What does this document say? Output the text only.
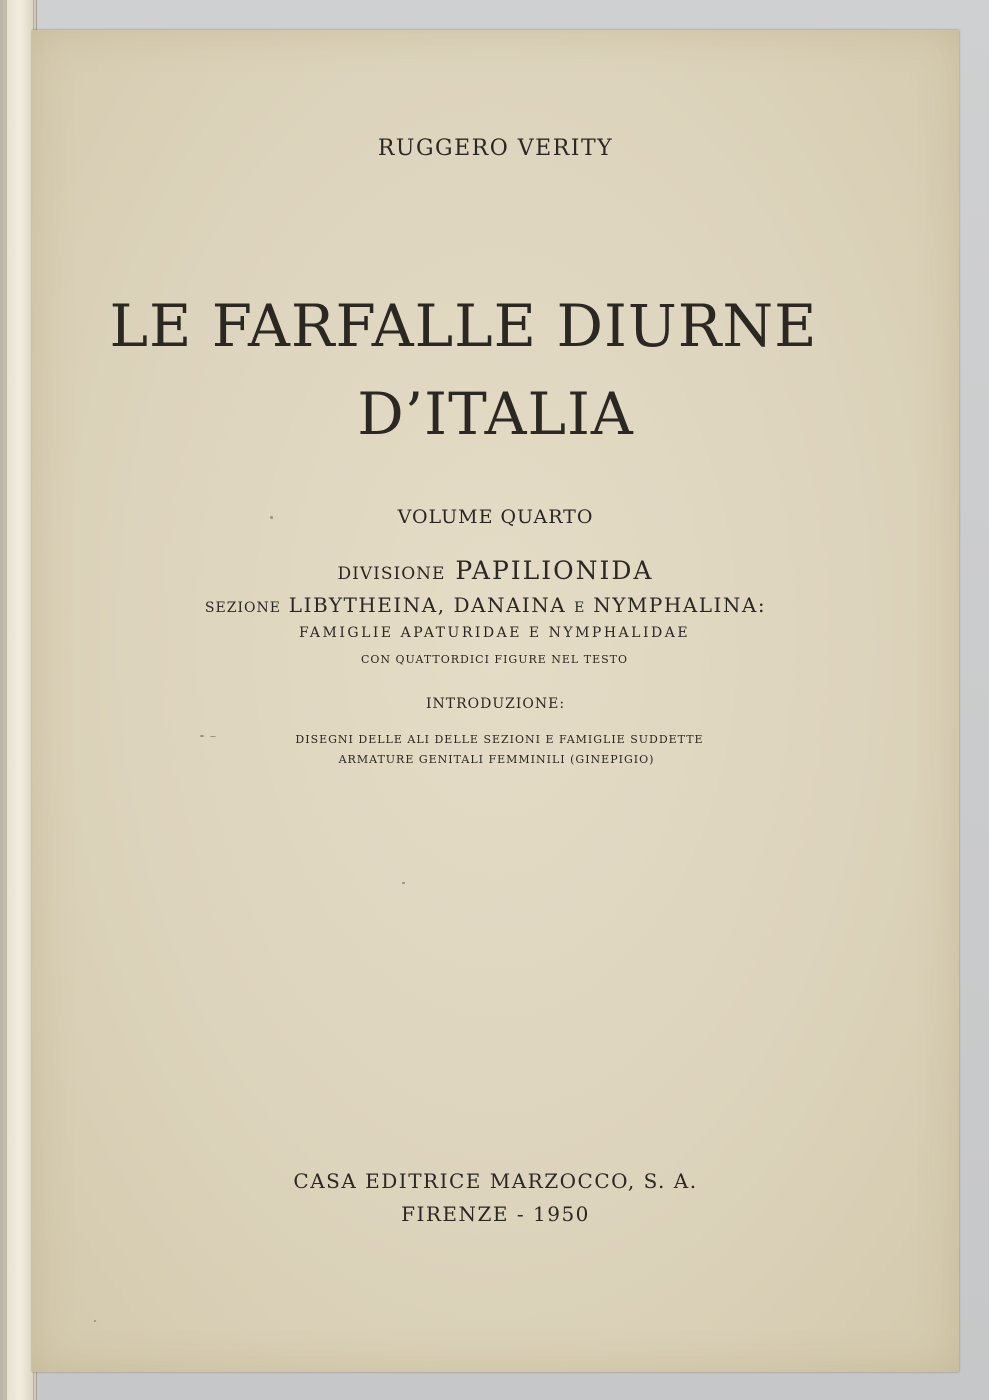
RUGGERO VERITY
LE FARFALLE DIURNE
D’ITALIA
VOLUME QUARTO
DIVISIONE PAPILIONIDA
SEZIONE LIBYTHEINA, DANAINA E NYMPHALINA:
FAMIGLIE APATURIDAE E NYMPHALIDAE
CON QUATTORDICI FIGURE NEL TESTO
INTRODUZIONE:
DISEGNI DELLE ALI DELLE SEZIONI E FAMIGLIE SUDDETTE
ARMATURE GENITALI FEMMINILI (GINEPIGIO)
CASA EDITRICE MARZOCCO, S. A.
FIRENZE - 1950
